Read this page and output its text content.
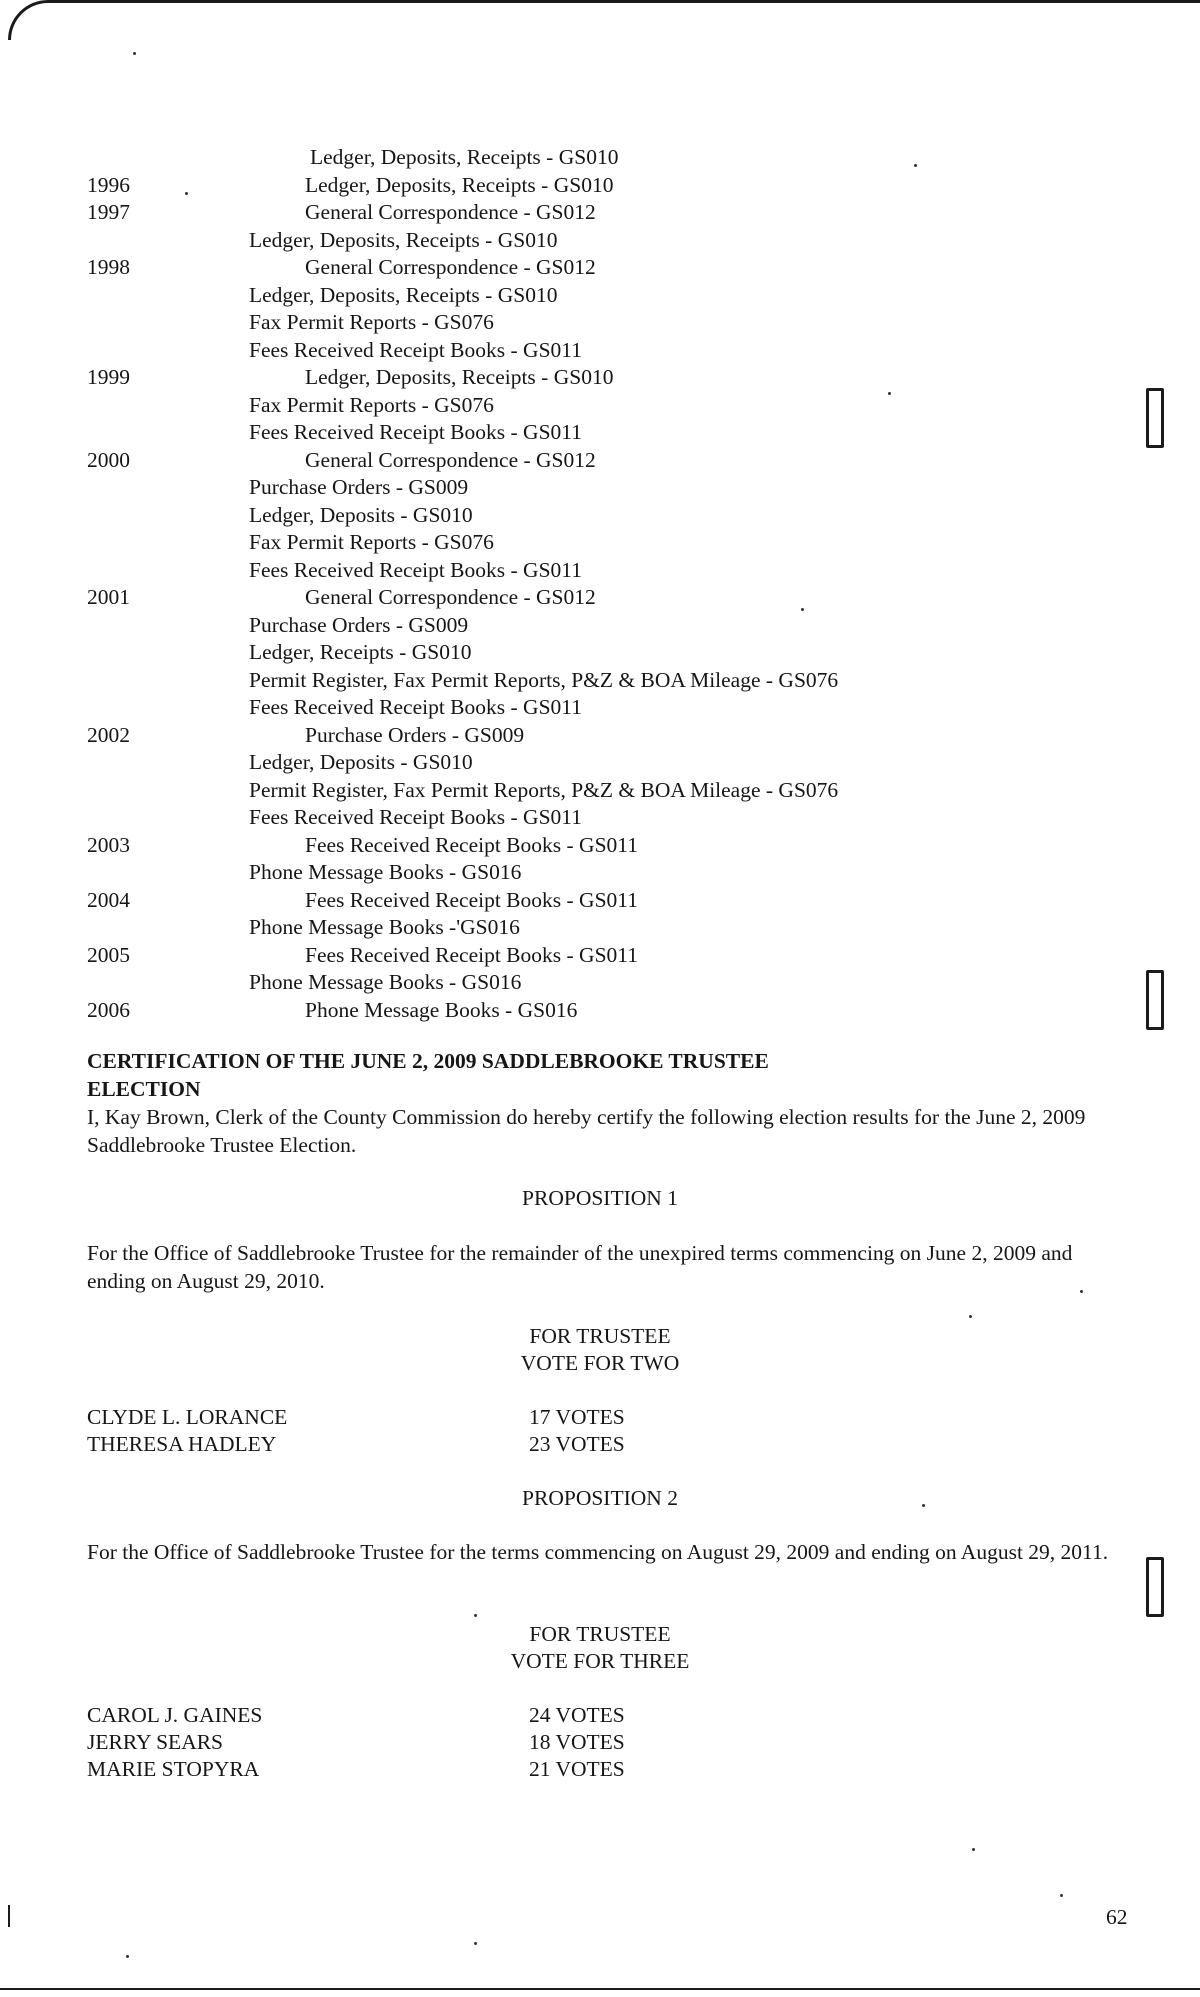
Ledger, Deposits, Receipts - GS010
1996	Ledger, Deposits, Receipts - GS010
1997	General Correspondence - GS012
Ledger, Deposits, Receipts - GS010
1998	General Correspondence - GS012
Ledger, Deposits, Receipts - GS010
Fax Permit Reports - GS076
Fees Received Receipt Books - GS011
1999	Ledger, Deposits, Receipts - GS010
Fax Permit Reports - GS076
Fees Received Receipt Books - GS011
2000	General Correspondence - GS012
Purchase Orders - GS009
Ledger, Deposits - GS010
Fax Permit Reports - GS076
Fees Received Receipt Books - GS011
2001	General Correspondence - GS012
Purchase Orders - GS009
Ledger, Receipts - GS010
Permit Register, Fax Permit Reports, P&Z & BOA Mileage - GS076
Fees Received Receipt Books - GS011
2002	Purchase Orders - GS009
Ledger, Deposits - GS010
Permit Register, Fax Permit Reports, P&Z & BOA Mileage - GS076
Fees Received Receipt Books - GS011
2003	Fees Received Receipt Books - GS011
Phone Message Books - GS016
2004	Fees Received Receipt Books - GS011
Phone Message Books -'GS016
2005	Fees Received Receipt Books - GS011
Phone Message Books - GS016
2006	Phone Message Books - GS016
CERTIFICATION OF THE JUNE 2, 2009 SADDLEBROOKE TRUSTEE
ELECTION

I, Kay Brown, Clerk of the County Commission do hereby certify the following election results for the June 2, 2009 Saddlebrooke Trustee Election.

PROPOSITION 1

For the Office of Saddlebrooke Trustee for the remainder of the unexpired terms commencing on June 2, 2009 and ending on August 29, 2010.

FOR TRUSTEE

VOTE FOR TWO

CLYDE L. LORANCE	17 VOTES
THERESA HADLEY	23 VOTES

PROPOSITION 2

For the Office of Saddlebrooke Trustee for the terms commencing on August 29, 2009 and ending on August 29, 2011.

FOR TRUSTEE

VOTE FOR THREE

CAROL J. GAINES	24 VOTES
JERRY SEARS	18 VOTES
MARIE STOPYRA	21 VOTES
62
